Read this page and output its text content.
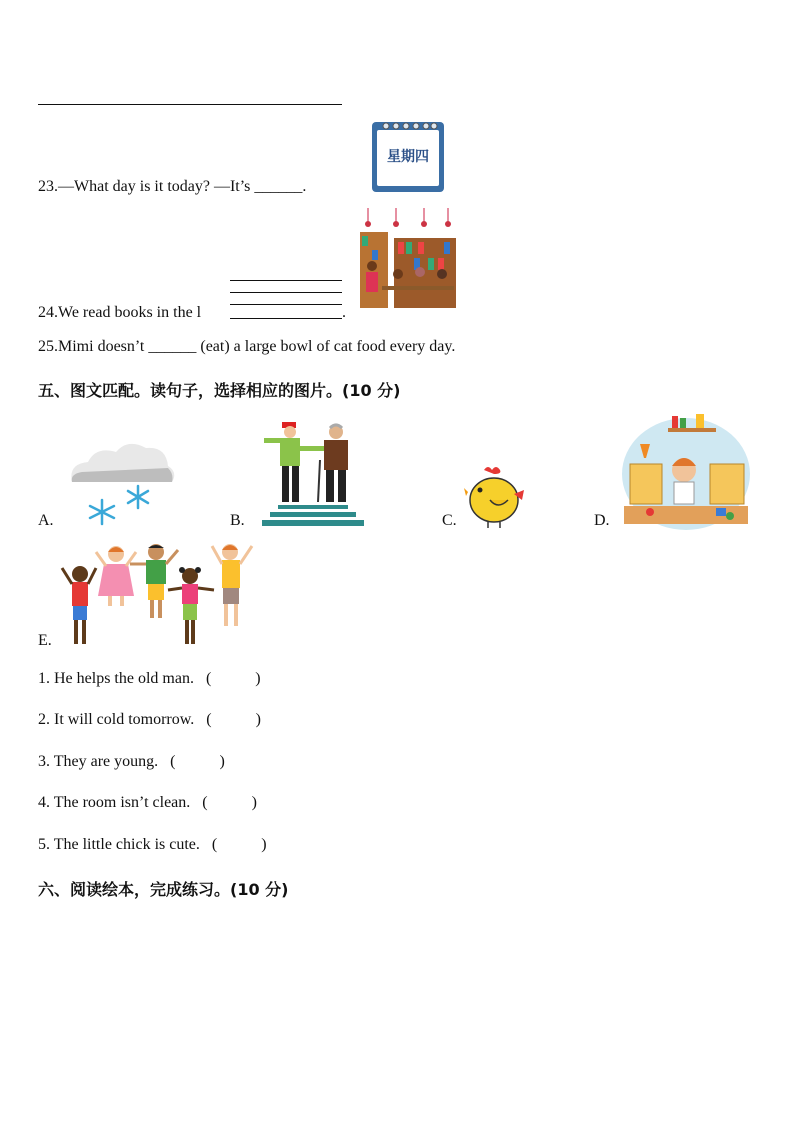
23.—What day is it today? —It’s ______.
星期四
24.We read books in the l	.
25.Mimi doesn’t ______ (eat) a large bowl of cat food every day.
五、图文匹配。读句子，选择相应的图片。(10 分)
A.	B.	C.	D.
E.
1. He helps the old man. (	)
2. It will cold tomorrow. (	)
3. They are young. (	)
4. The room isn’t clean. (	)
5. The little chick is cute. (	)
六、阅读绘本，完成练习。(10 分)
